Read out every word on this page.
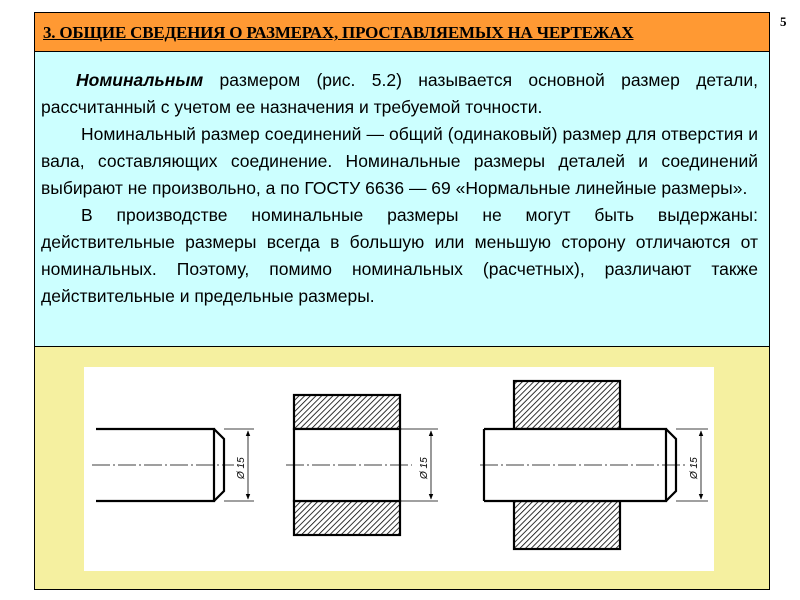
5
3. ОБЩИЕ СВЕДЕНИЯ О РАЗМЕРАХ, ПРОСТАВЛЯЕМЫХ НА ЧЕРТЕЖАХ

Номинальным размером (рис. 5.2) называется основной размер детали, рассчитанный с учетом ее назначения и требуемой точности.

Номинальный размер соединений — общий (одинаковый) размер для отверстия и вала, составляющих соединение. Номинальные размеры деталей и соединений выбирают не произвольно, а по ГОСТУ 6636 — 69 «Нормальные линейные размеры».

В производстве номинальные размеры не могут быть выдержаны: действительные размеры всегда в большую или меньшую сторону отличаются от номинальных. Поэтому, помимо номинальных (расчетных), различают также действительные и предельные размеры.

Ø 15	Ø 15	Ø 15
